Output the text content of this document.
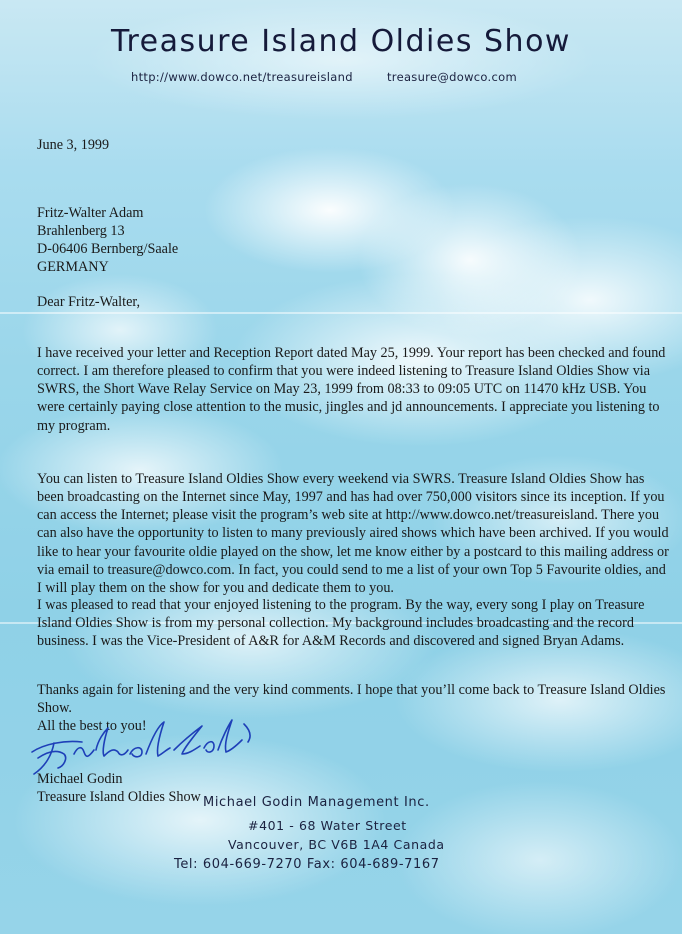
Treasure Island Oldies Show
http://www.dowco.net/treasureisland	treasure@dowco.com
June 3, 1999
Fritz-Walter Adam
Brahlenberg 13
D-06406 Bernberg/Saale
GERMANY
Dear Fritz-Walter,

I have received your letter and Reception Report dated May 25, 1999. Your report has been checked and found correct. I am therefore pleased to confirm that you were indeed listening to Treasure Island Oldies Show via SWRS, the Short Wave Relay Service on May 23, 1999 from 08:33 to 09:05 UTC on 11470 kHz USB. You were certainly paying close attention to the music, jingles and jd announcements. I appreciate you listening to my program.

You can listen to Treasure Island Oldies Show every weekend via SWRS. Treasure Island Oldies Show has been broadcasting on the Internet since May, 1997 and has had over 750,000 visitors since its inception. If you can access the Internet; please visit the program’s web site at http://www.dowco.net/treasureisland. There you can also have the opportunity to listen to many previously aired shows which have been archived. If you would like to hear your favourite oldie played on the show, let me know either by a postcard to this mailing address or via email to treasure@dowco.com. In fact, you could send to me a list of your own Top 5 Favourite oldies, and I will play them on the show for you and dedicate them to you.

I was pleased to read that your enjoyed listening to the program. By the way, every song I play on Treasure Island Oldies Show is from my personal collection. My background includes broadcasting and the record business. I was the Vice-President of A&R for A&M Records and discovered and signed Bryan Adams.

Thanks again for listening and the very kind comments. I hope that you’ll come back to Treasure Island Oldies Show.

All the best to you!
Michael Godin
Treasure Island Oldies Show Michael Godin Management Inc.
#401 - 68 Water Street
Vancouver, BC V6B 1A4 Canada
Tel: 604-669-7270 Fax: 604-689-7167
